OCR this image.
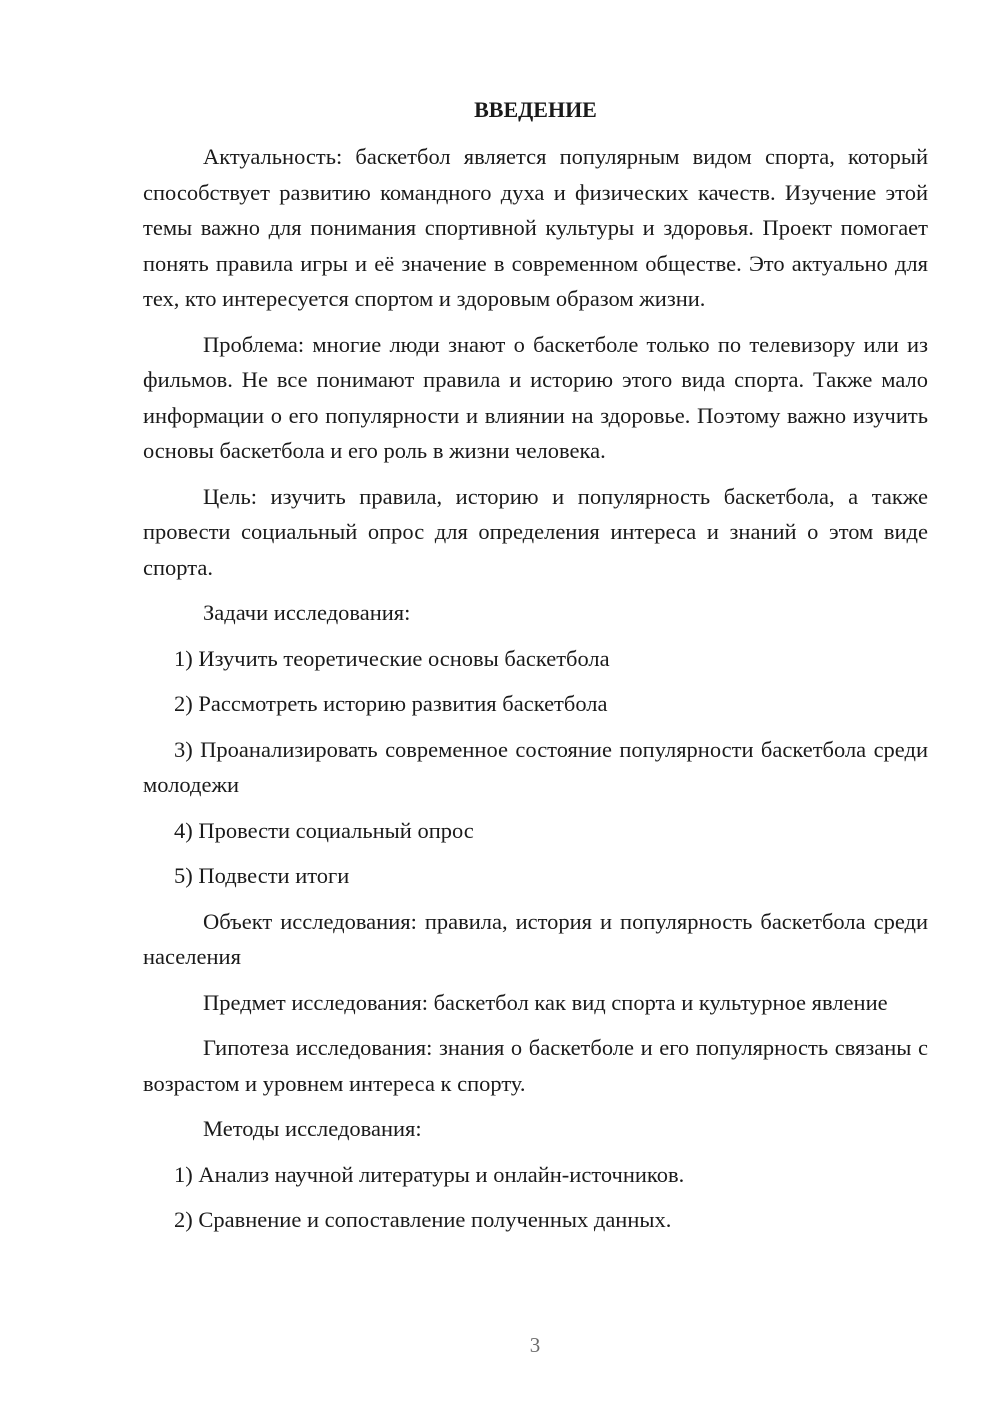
ВВЕДЕНИЕ

Актуальность: баскетбол является популярным видом спорта, который способствует развитию командного духа и физических качеств. Изучение этой темы важно для понимания спортивной культуры и здоровья. Проект помогает понять правила игры и её значение в современном обществе. Это актуально для тех, кто интересуется спортом и здоровым образом жизни.

Проблема: многие люди знают о баскетболе только по телевизору или из фильмов. Не все понимают правила и историю этого вида спорта. Также мало информации о его популярности и влиянии на здоровье. Поэтому важно изучить основы баскетбола и его роль в жизни человека.

Цель: изучить правила, историю и популярность баскетбола, а также провести социальный опрос для определения интереса и знаний о этом виде спорта.

Задачи исследования:

1) Изучить теоретические основы баскетбола

2) Рассмотреть историю развития баскетбола

3) Проанализировать современное состояние популярности баскетбола среди молодежи

4) Провести социальный опрос

5) Подвести итоги

Объект исследования: правила, история и популярность баскетбола среди населения

Предмет исследования: баскетбол как вид спорта и культурное явление

Гипотеза исследования: знания о баскетболе и его популярность связаны с возрастом и уровнем интереса к спорту.

Методы исследования:

1) Анализ научной литературы и онлайн-источников.

2) Сравнение и сопоставление полученных данных.

3
